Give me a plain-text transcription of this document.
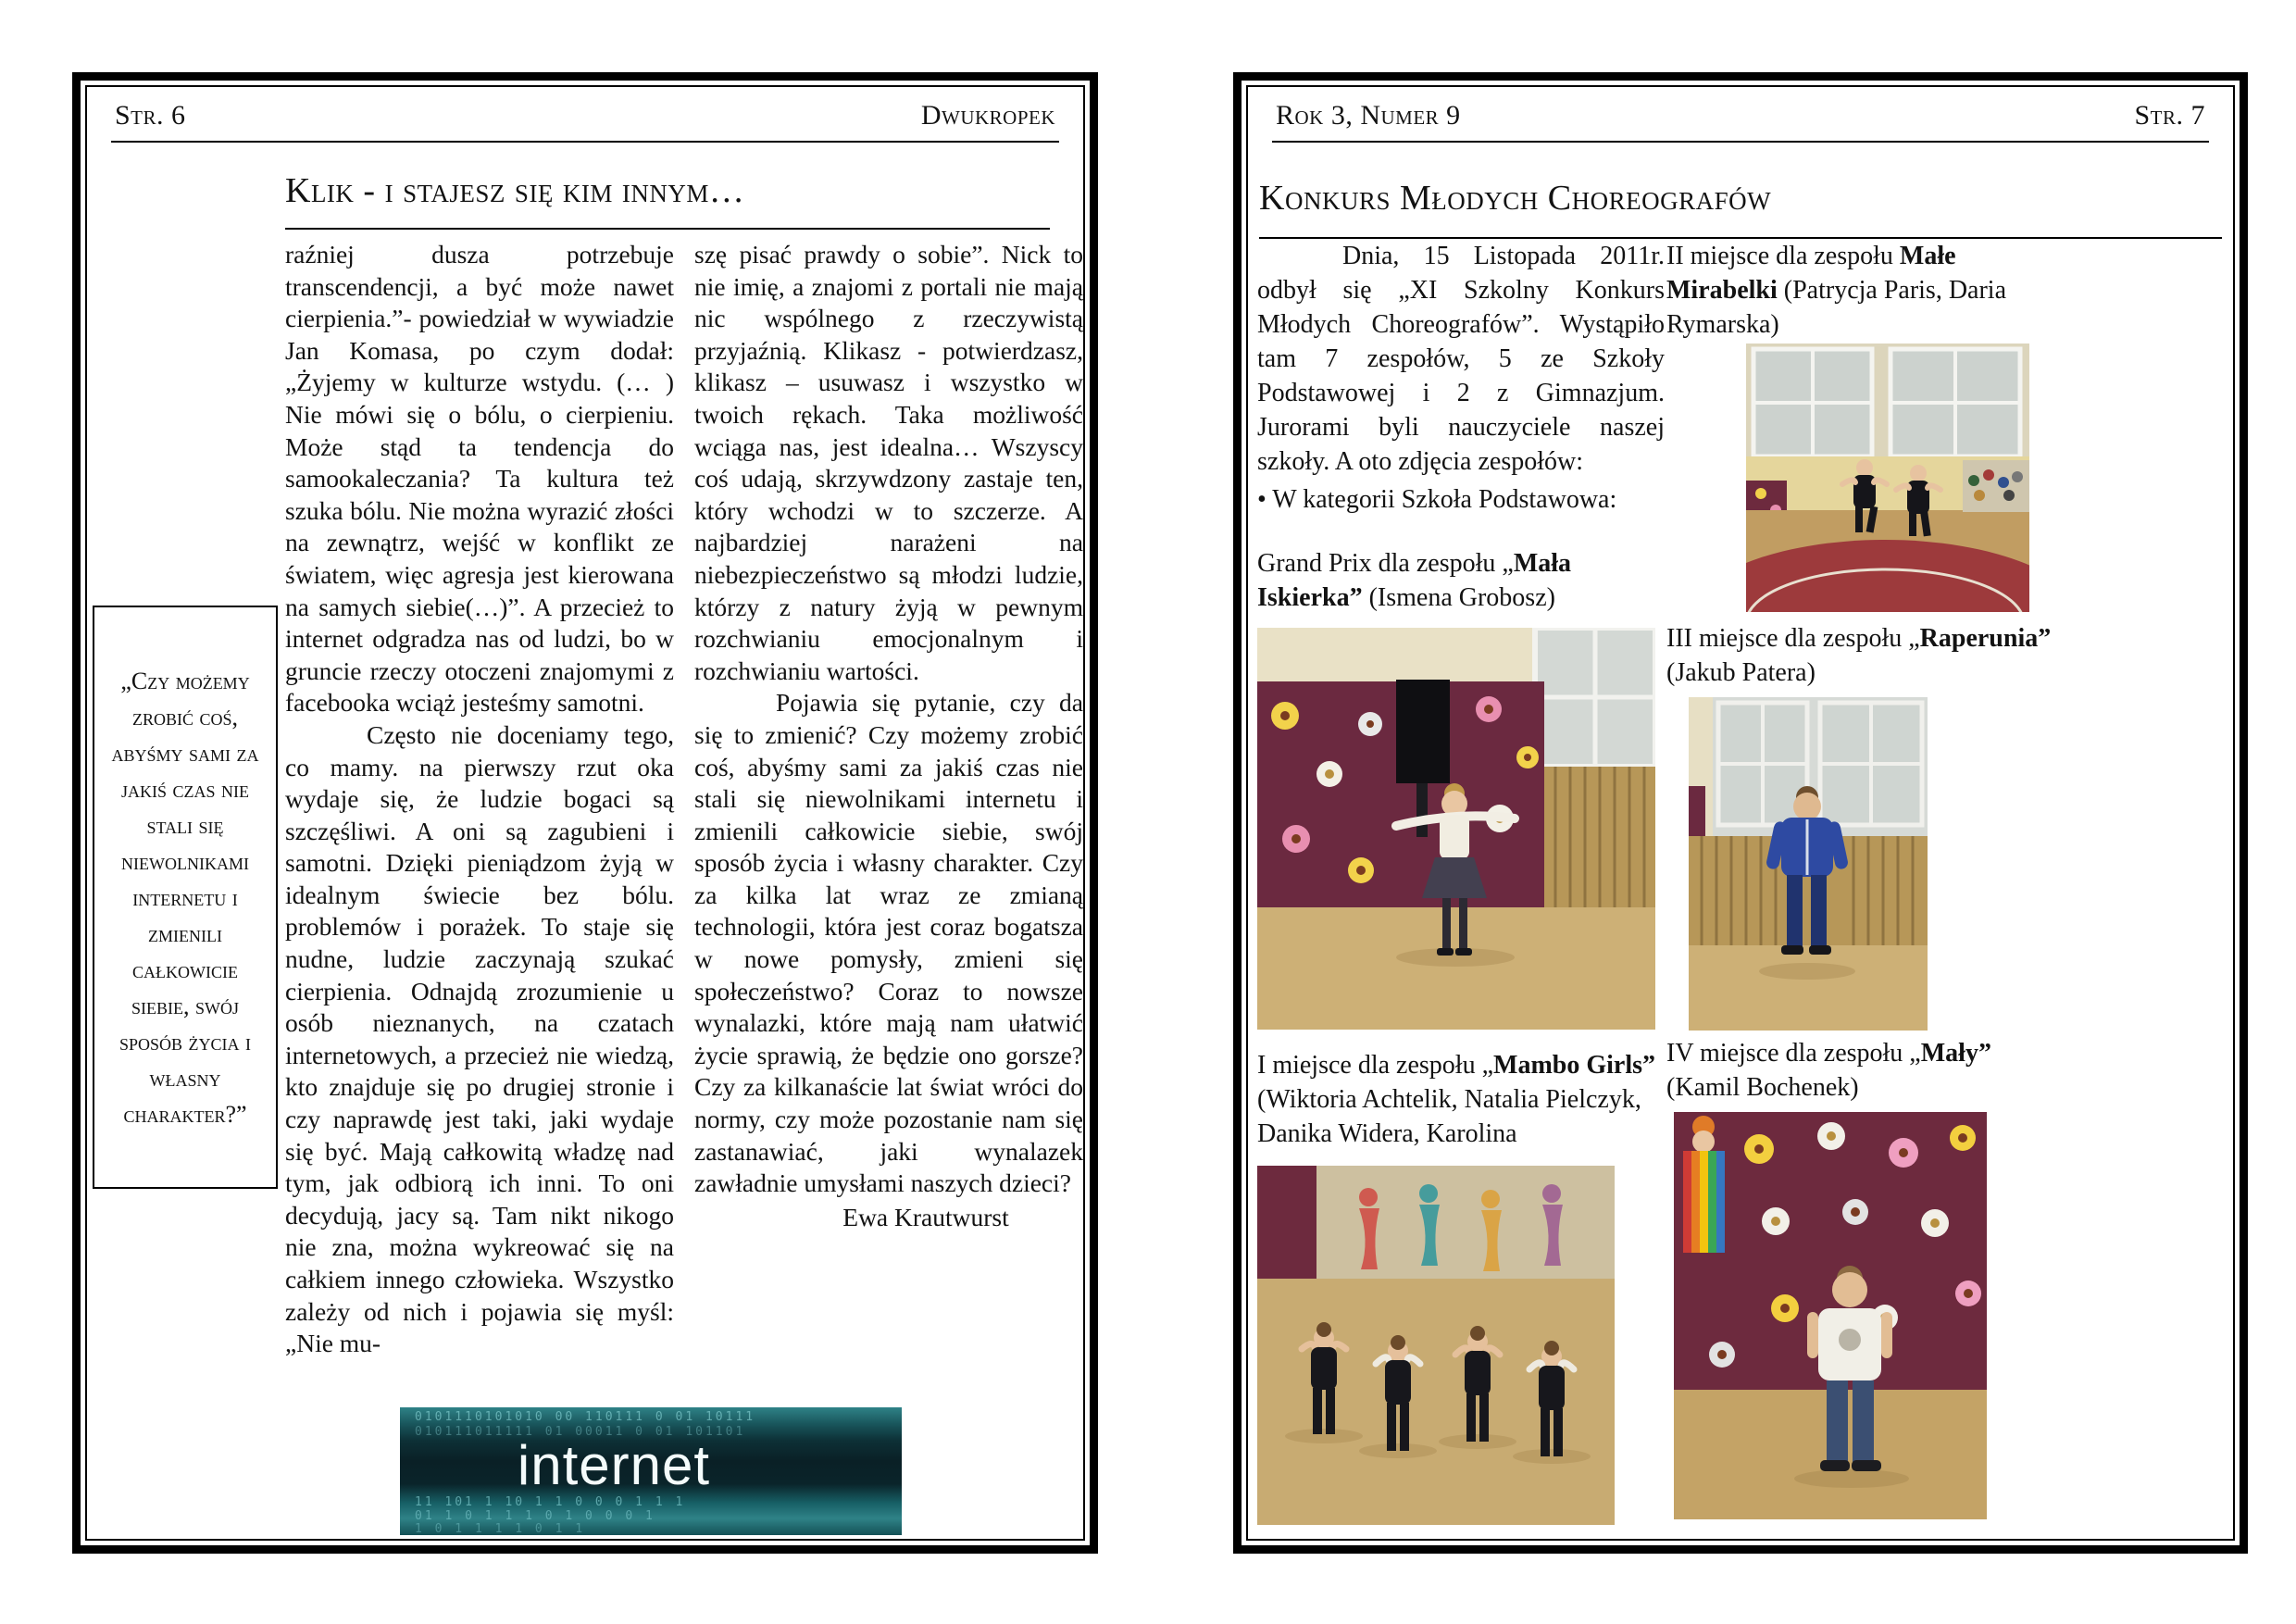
Str. 6	Dwukropek
Klik - i stajesz się kim innym…

raźniej dusza potrzebuje transcendencji, a być może nawet cierpienia.”- powiedział w wywiadzie Jan Komasa, po czym dodał: „Żyjemy w kulturze wstydu. (… ) Nie mówi się o bólu, o cierpieniu. Może stąd ta tendencja do samookaleczania? Ta kultura też szuka bólu. Nie można wyrazić złości na zewnątrz, wejść w konflikt ze światem, więc agresja jest kierowana na samych siebie(…)”. A przecież to internet odgradza nas od ludzi, bo w gruncie rzeczy otoczeni znajomymi z facebooka wciąż jesteśmy samotni.

Często nie doceniamy tego, co mamy. na pierwszy rzut oka wydaje się, że ludzie bogaci są szczęśliwi. A oni są zagubieni i samotni. Dzięki pieniądzom żyją w idealnym świecie bez bólu. problemów i porażek. To staje się nudne, ludzie zaczynają szukać cierpienia. Odnajdą zrozumienie u osób nieznanych, na czatach internetowych, a przecież nie wiedzą, kto znajduje się po drugiej stronie i czy naprawdę jest taki, jaki wydaje się być. Mają całkowitą władzę nad tym, jak odbiorą ich inni. To oni decydują, jacy są. Tam nikt nikogo nie zna, można wykreować się na całkiem innego człowieka. Wszystko zależy od nich i pojawia się myśl: „Nie mu-

szę pisać prawdy o sobie”. Nick to nie imię, a znajomi z portali nie mają nic wspólnego z rzeczywistą przyjaźnią. Klikasz - potwierdzasz, klikasz – usuwasz i wszystko w twoich rękach. Taka możliwość wciąga nas, jest idealna… Wszyscy coś udają, skrzywdzony zastaje ten, który wchodzi w to szczerze. A najbardziej narażeni na niebezpieczeństwo są młodzi ludzie, którzy z natury żyją w pewnym rozchwianiu emocjonalnym i rozchwianiu wartości.

Pojawia się pytanie, czy da się to zmienić? Czy możemy zrobić coś, abyśmy sami za jakiś czas nie stali się niewolnikami internetu i zmienili całkowicie siebie, swój sposób życia i własny charakter. Czy za kilka lat wraz ze zmianą technologii, która jest coraz bogatsza w nowe pomysły, zmieni się społeczeństwo? Coraz to nowsze wynalazki, które mają nam ułatwić życie sprawią, że będzie ono gorsze? Czy za kilkanaście lat świat wróci do normy, czy może pozostanie nam się zastanawiać, jaki wynalazek zawładnie umysłami naszych dzieci?

Ewa Krautwurst

„Czy możemy zrobić coś, abyśmy sami za jakiś czas nie stali się niewolnikami internetu i zmienili całkowicie siebie, swój sposób życia i własny charakter?”

0101110101010 00 110111 0 01 10111
010111011111 01 00011 0 01 101101
internet
11 101 1 10 1 1 0 0 0 1 1 1
01 1 0 1 1 1 0 1 0 0 0 1
1 0 1 1 1 1 0 1 1
Rok 3, Numer 9	Str. 7
Konkurs Młodych Choreografów

Dnia, 15 Listopada 2011r. odbył się „XI Szkolny Konkurs Młodych Choreografów”. Wystąpiło tam 7 zespołów, 5 ze Szkoły Podstawowej i 2 z Gimnazjum. Jurorami byli nauczyciele naszej szkoły. A oto zdjęcia zespołów:

• W kategorii Szkoła Podstawowa:

Grand Prix dla zespołu „Mała Iskierka” (Ismena Grobosz)

I miejsce dla zespołu „Mambo Girls” (Wiktoria Achtelik, Natalia Pielczyk, Danika Widera, Karolina

II miejsce dla zespołu Małe Mirabelki (Patrycja Paris, Daria Rymarska)

III miejsce dla zespołu „Raperunia” (Jakub Patera)

IV miejsce dla zespołu „Mały” (Kamil Bochenek)
